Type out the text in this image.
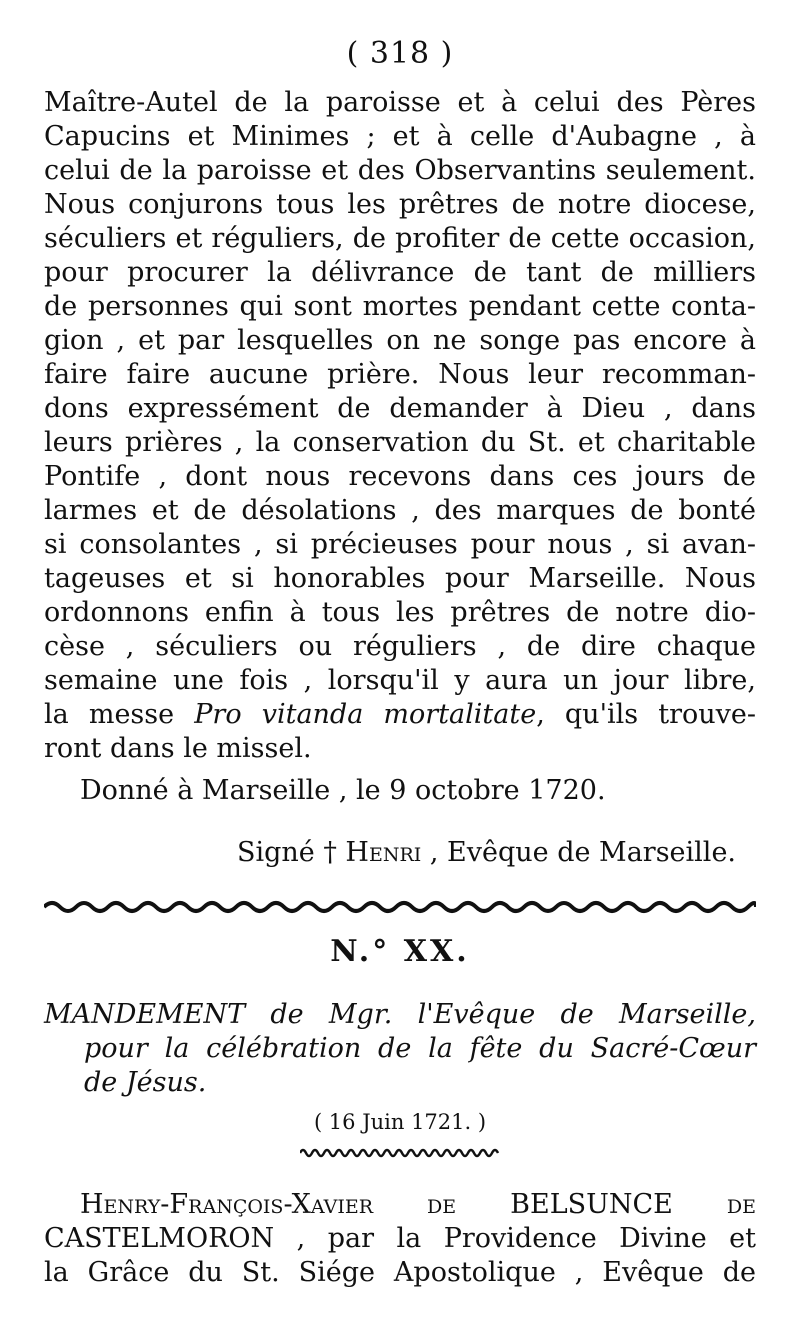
( 318 )
Maître-Autel de la paroisse et à celui des Pères
Capucins et Minimes ; et à celle d'Aubagne , à
celui de la paroisse et des Observantins seulement.
Nous conjurons tous les prêtres de notre diocese,
séculiers et réguliers, de profiter de cette occasion,
pour procurer la délivrance de tant de milliers
de personnes qui sont mortes pendant cette conta-
gion , et par lesquelles on ne songe pas encore à
faire faire aucune prière. Nous leur recomman-
dons expressément de demander à Dieu , dans
leurs prières , la conservation du St. et charitable
Pontife , dont nous recevons dans ces jours de
larmes et de désolations , des marques de bonté
si consolantes , si précieuses pour nous , si avan-
tageuses et si honorables pour Marseille. Nous
ordonnons enfin à tous les prêtres de notre dio-
cèse , séculiers ou réguliers , de dire chaque
semaine une fois , lorsqu'il y aura un jour libre,
la messe Pro vitanda mortalitate, qu'ils trouve-
ront dans le missel.
Donné à Marseille , le 9 octobre 1720.
Signé † Henri , Evêque de Marseille.
N.° XX.
MANDEMENT de Mgr. l'Evêque de Marseille,
pour la célébration de la fête du Sacré-Cœur
de Jésus.
( 16 Juin 1721. )
Henry-François-Xavier de BELSUNCE de
CASTELMORON , par la Providence Divine et
la Grâce du St. Siége Apostolique , Evêque de
